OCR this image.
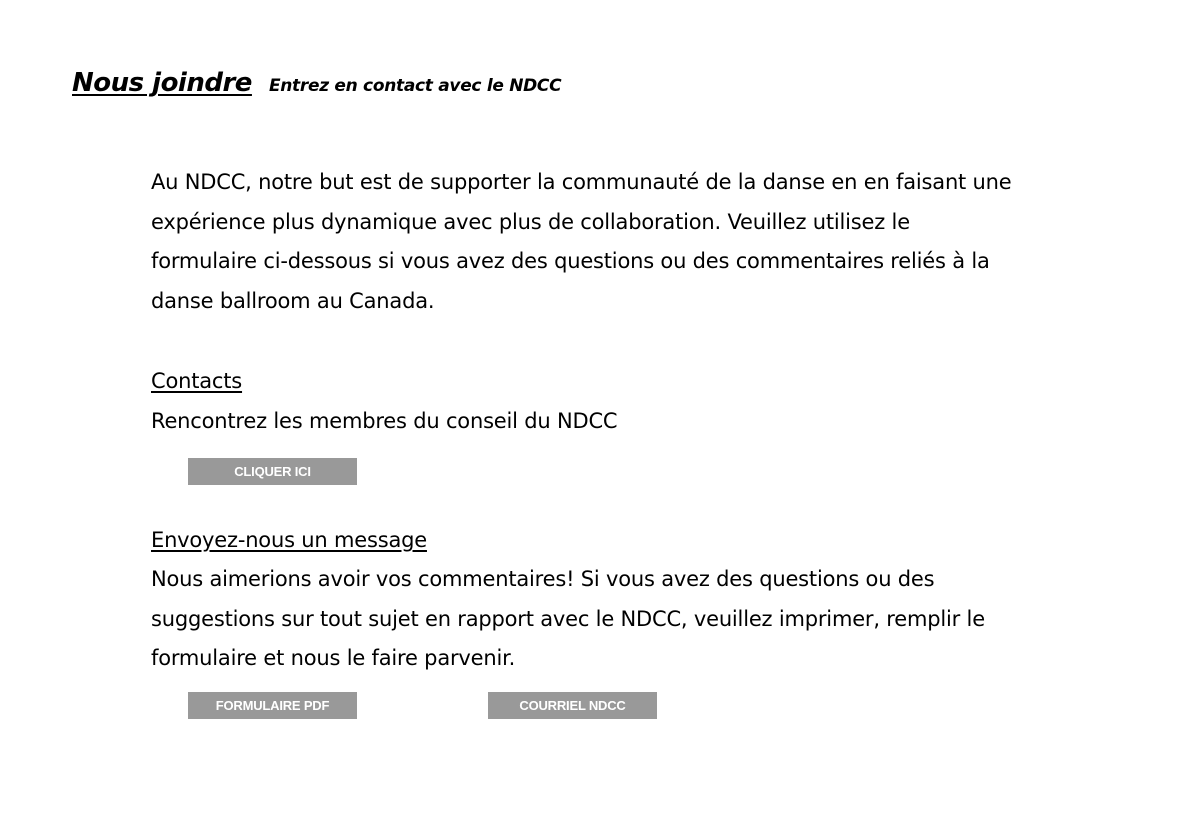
Nous joindre Entrez en contact avec le NDCC
Au NDCC, notre but est de supporter la communauté de la danse en en faisant une
expérience plus dynamique avec plus de collaboration. Veuillez utilisez le
formulaire ci-dessous si vous avez des questions ou des commentaires reliés à la
danse ballroom au Canada.
Contacts
Rencontrez les membres du conseil du NDCC
CLIQUER ICI
Envoyez-nous un message
Nous aimerions avoir vos commentaires! Si vous avez des questions ou des
suggestions sur tout sujet en rapport avec le NDCC, veuillez imprimer, remplir le
formulaire et nous le faire parvenir.
FORMULAIRE PDF	COURRIEL NDCC
